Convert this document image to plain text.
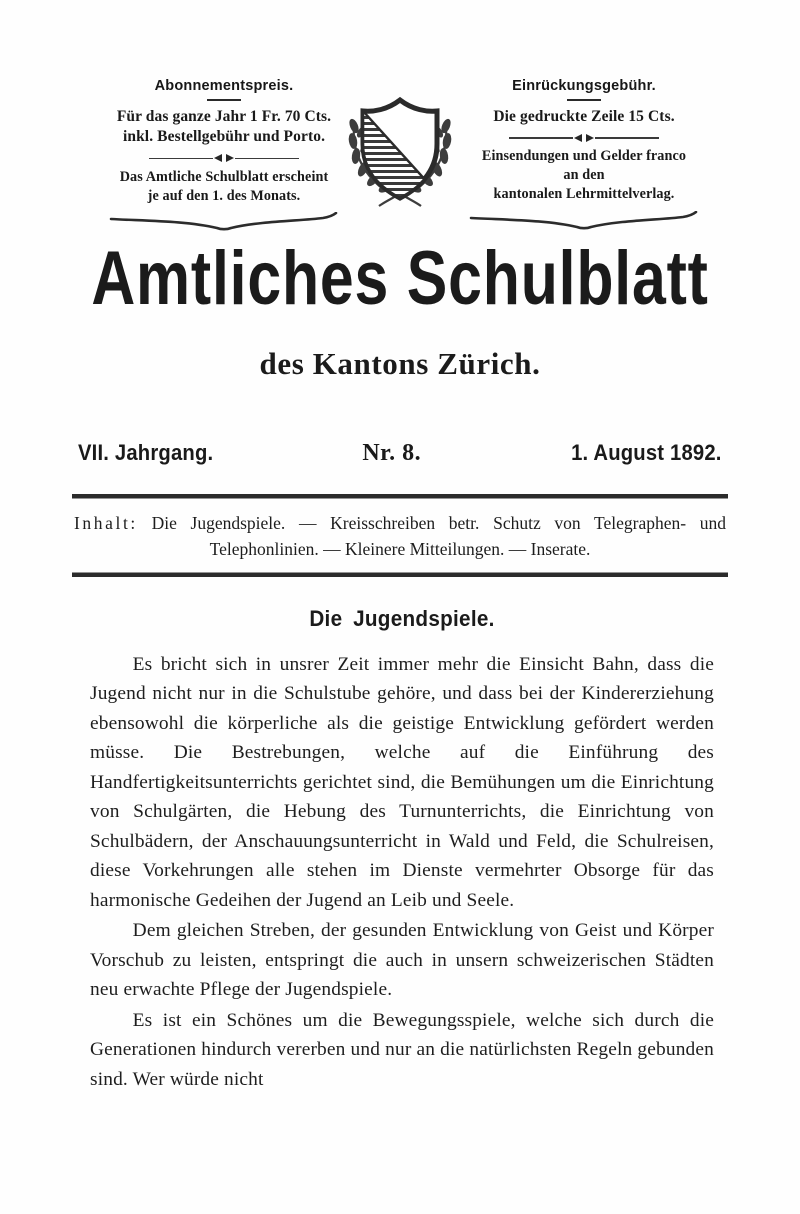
Abonnementspreis.
Für das ganze Jahr 1 Fr. 70 Cts.
inkl. Bestellgebühr und Porto.
Das Amtliche Schulblatt erscheint
je auf den 1. des Monats.
Einrückungsgebühr.
Die gedruckte Zeile 15 Cts.
Einsendungen und Gelder franco
an den
kantonalen Lehrmittelverlag.
Amtliches Schulblatt
des Kantons Zürich.
VII. Jahrgang.	Nr. 8.	1. August 1892.

Inhalt: Die Jugendspiele. — Kreisschreiben betr. Schutz von Telegraphen- und Telephonlinien. — Kleinere Mitteilungen. — Inserate.

Die Jugendspiele.

Es bricht sich in unsrer Zeit immer mehr die Einsicht Bahn, dass die Jugend nicht nur in die Schulstube gehöre, und dass bei der Kindererziehung ebensowohl die körperliche als die geistige Entwicklung gefördert werden müsse. Die Bestrebungen, welche auf die Einführung des Handfertigkeitsunterrichts gerichtet sind, die Bemühungen um die Einrichtung von Schulgärten, die Hebung des Turnunterrichts, die Einrichtung von Schulbädern, der Anschauungsunterricht in Wald und Feld, die Schulreisen, diese Vorkehrungen alle stehen im Dienste vermehrter Obsorge für das harmonische Gedeihen der Jugend an Leib und Seele.

Dem gleichen Streben, der gesunden Entwicklung von Geist und Körper Vorschub zu leisten, entspringt die auch in unsern schweizerischen Städten neu erwachte Pflege der Jugendspiele.

Es ist ein Schönes um die Bewegungsspiele, welche sich durch die Generationen hindurch vererben und nur an die natürlichsten Regeln gebunden sind. Wer würde nicht
